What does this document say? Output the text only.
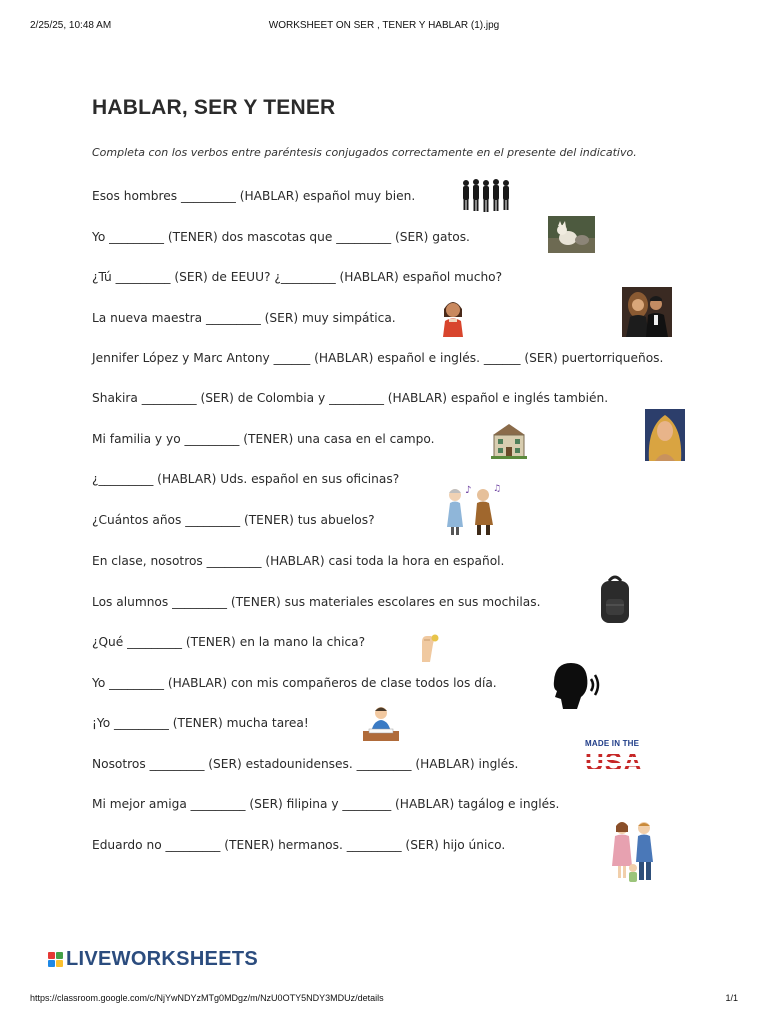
2/25/25, 10:48 AM	WORKSHEET ON SER , TENER Y HABLAR (1).jpg
HABLAR, SER Y TENER
Completa con los verbos entre paréntesis conjugados correctamente en el presente del indicativo.
Esos hombres _________ (HABLAR) español muy bien.
Yo _________ (TENER) dos mascotas que _________ (SER) gatos.
¿Tú _________ (SER) de EEUU? ¿_________ (HABLAR) español mucho?
La nueva maestra _________ (SER) muy simpática.
Jennifer López y Marc Antony ______ (HABLAR) español e inglés. ______ (SER) puertorriqueños.
Shakira _________ (SER) de Colombia y _________ (HABLAR) español e inglés también.
Mi familia y yo _________ (TENER) una casa en el campo.
¿_________ (HABLAR) Uds. español en sus oficinas?
¿Cuántos años _________ (TENER) tus abuelos?
En clase, nosotros _________ (HABLAR) casi toda la hora en español.
Los alumnos _________ (TENER) sus materiales escolares en sus mochilas.
¿Qué _________ (TENER) en la mano la chica?
Yo _________ (HABLAR) con mis compañeros de clase todos los día.
¡Yo _________ (TENER) mucha tarea!
Nosotros _________ (SER) estadounidenses. _________ (HABLAR) inglés.
Mi mejor amiga _________ (SER) filipina y ________ (HABLAR) tagálog e inglés.
Eduardo no _________ (TENER) hermanos. _________ (SER) hijo único.
♪ ♫
MADE IN THE
USA
LIVEWORKSHEETS
https://classroom.google.com/c/NjYwNDYzMTg0MDgz/m/NzU0OTY5NDY3MDUz/details	1/1
